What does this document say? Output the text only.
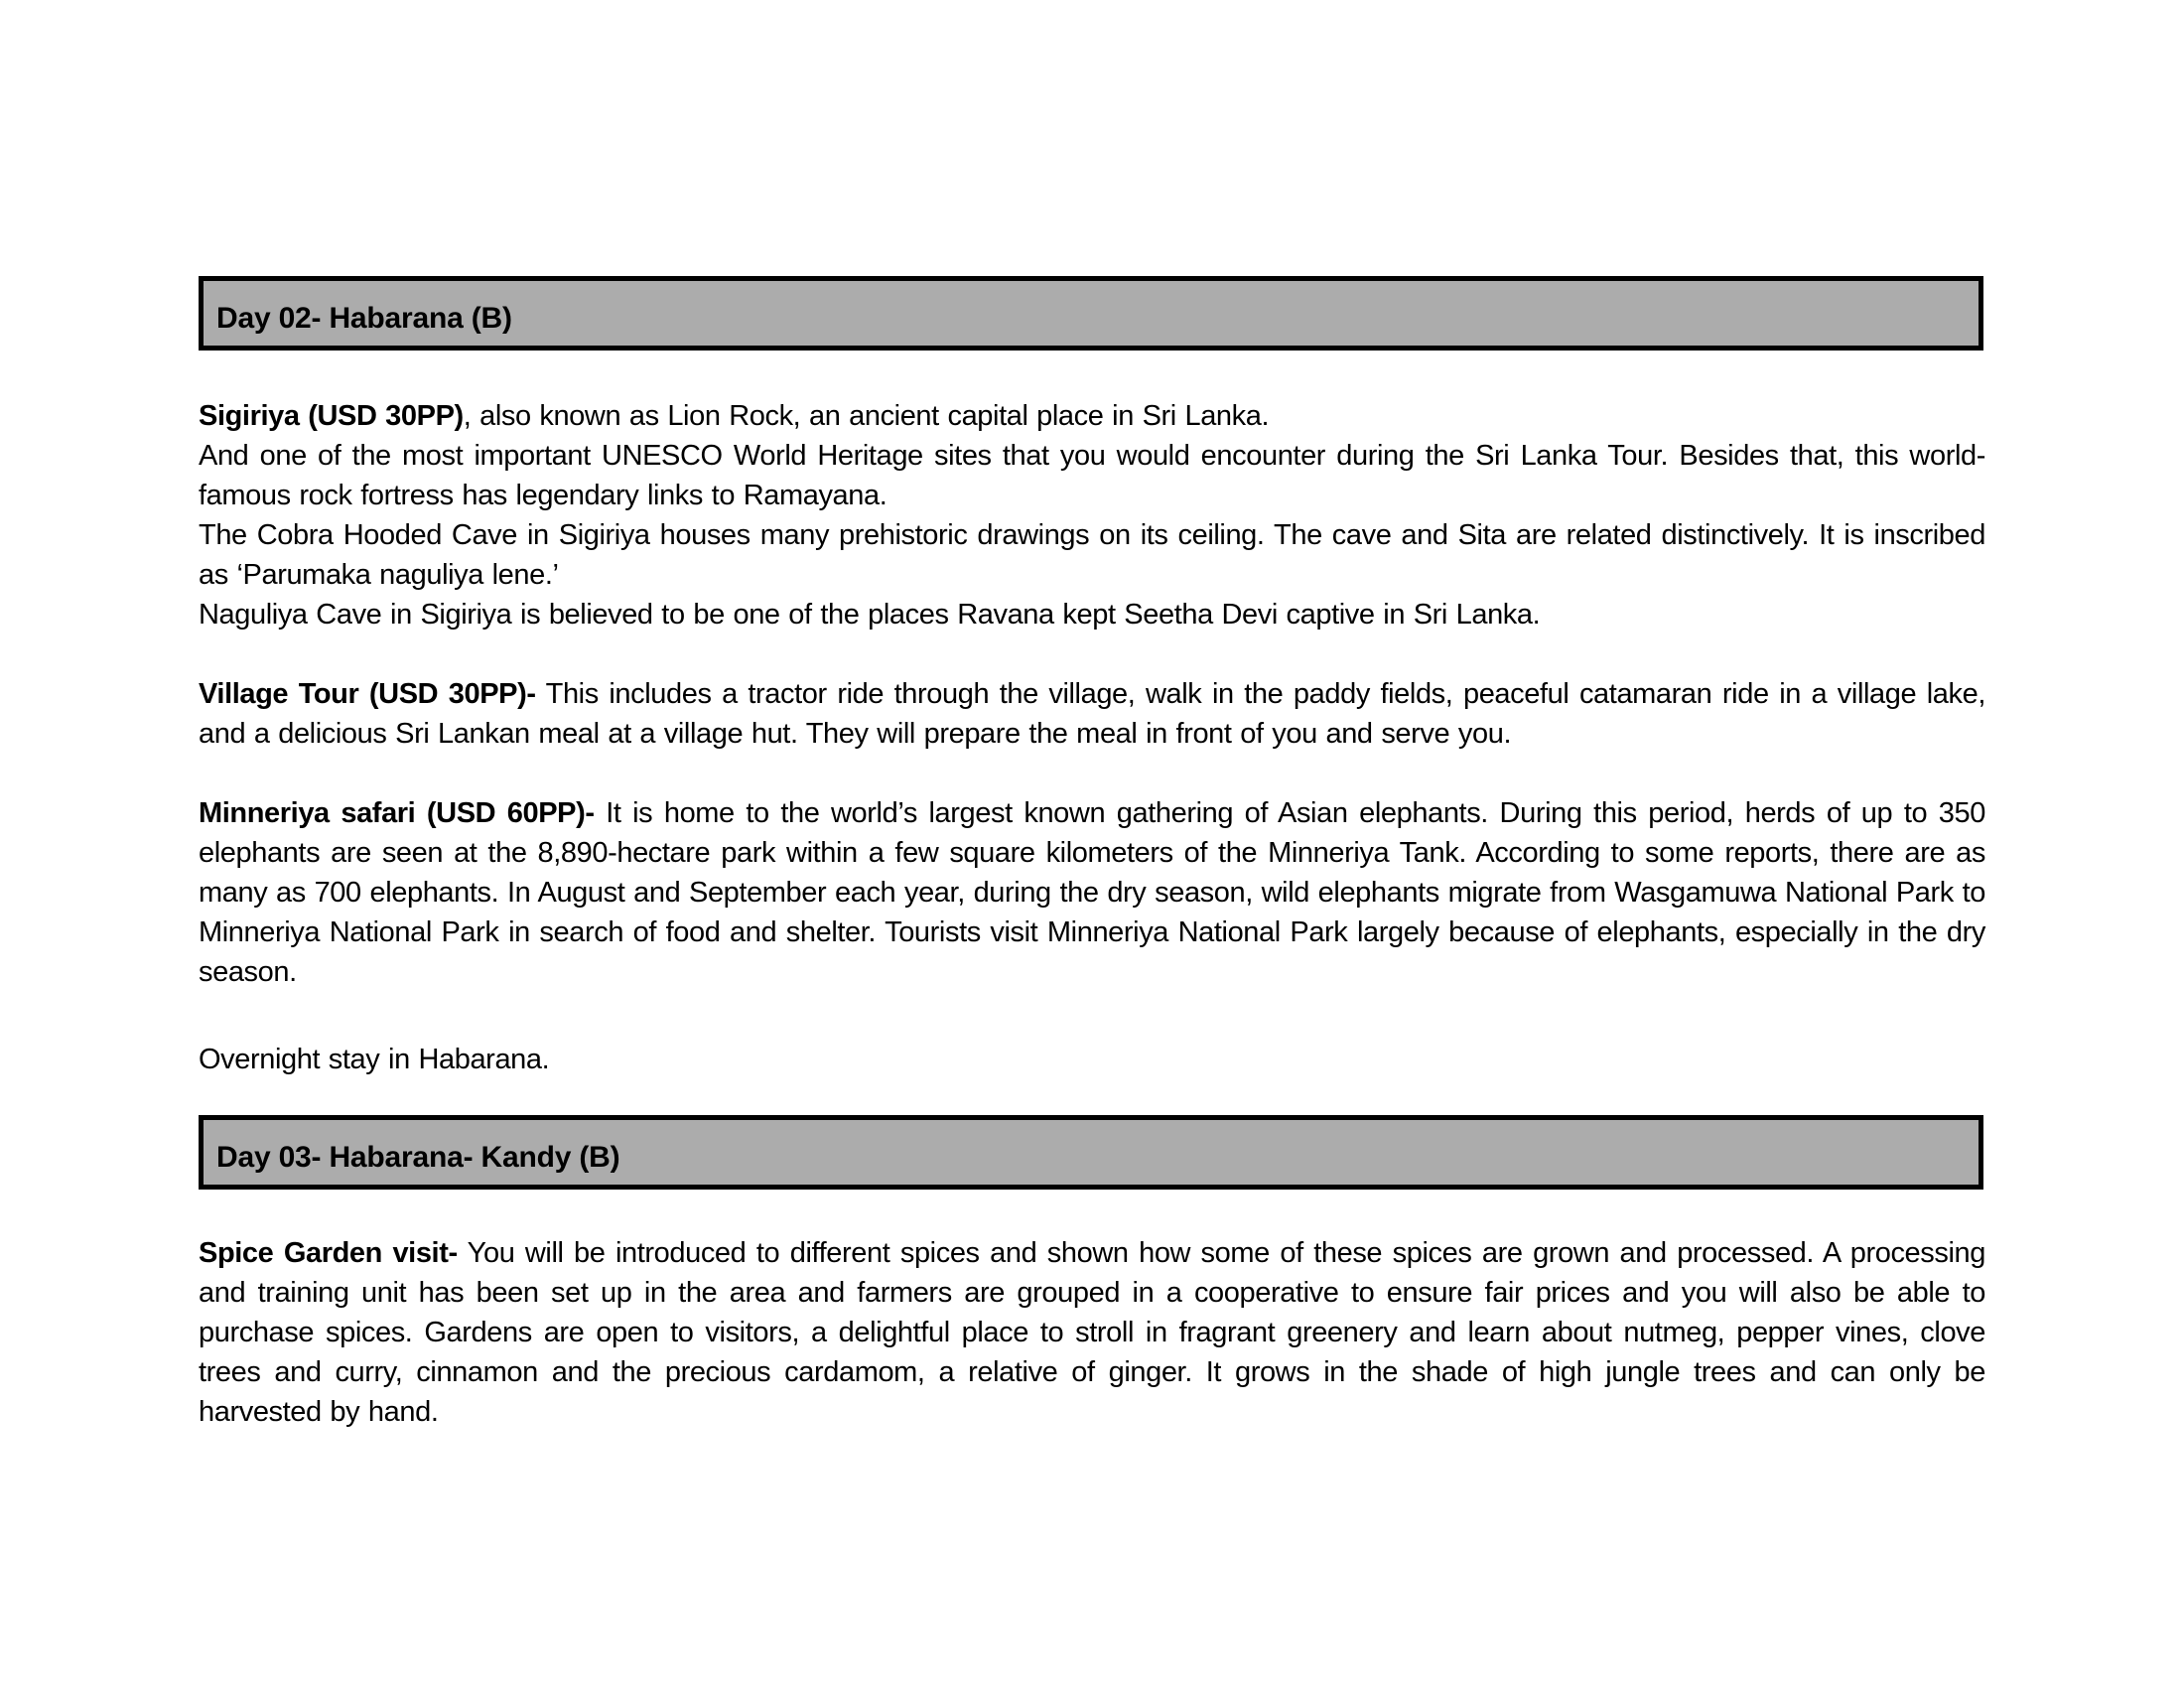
Day 02- Habarana (B)

Sigiriya (USD 30PP), also known as Lion Rock, an ancient capital place in Sri Lanka.

And one of the most important UNESCO World Heritage sites that you would encounter during the Sri Lanka Tour. Besides that, this world-famous rock fortress has legendary links to Ramayana.

The Cobra Hooded Cave in Sigiriya houses many prehistoric drawings on its ceiling. The cave and Sita are related distinctively. It is inscribed as ‘Parumaka naguliya lene.’

Naguliya Cave in Sigiriya is believed to be one of the places Ravana kept Seetha Devi captive in Sri Lanka.

Village Tour (USD 30PP)- This includes a tractor ride through the village, walk in the paddy fields, peaceful catamaran ride in a village lake, and a delicious Sri Lankan meal at a village hut. They will prepare the meal in front of you and serve you.

Minneriya safari (USD 60PP)- It is home to the world’s largest known gathering of Asian elephants. During this period, herds of up to 350 elephants are seen at the 8,890-hectare park within a few square kilometers of the Minneriya Tank. According to some reports, there are as many as 700 elephants. In August and September each year, during the dry season, wild elephants migrate from Wasgamuwa National Park to Minneriya National Park in search of food and shelter. Tourists visit Minneriya National Park largely because of elephants, especially in the dry season.

Overnight stay in Habarana.

Day 03- Habarana- Kandy (B)

Spice Garden visit- You will be introduced to different spices and shown how some of these spices are grown and processed. A processing and training unit has been set up in the area and farmers are grouped in a cooperative to ensure fair prices and you will also be able to purchase spices. Gardens are open to visitors, a delightful place to stroll in fragrant greenery and learn about nutmeg, pepper vines, clove trees and curry, cinnamon and the precious cardamom, a relative of ginger. It grows in the shade of high jungle trees and can only be harvested by hand.
